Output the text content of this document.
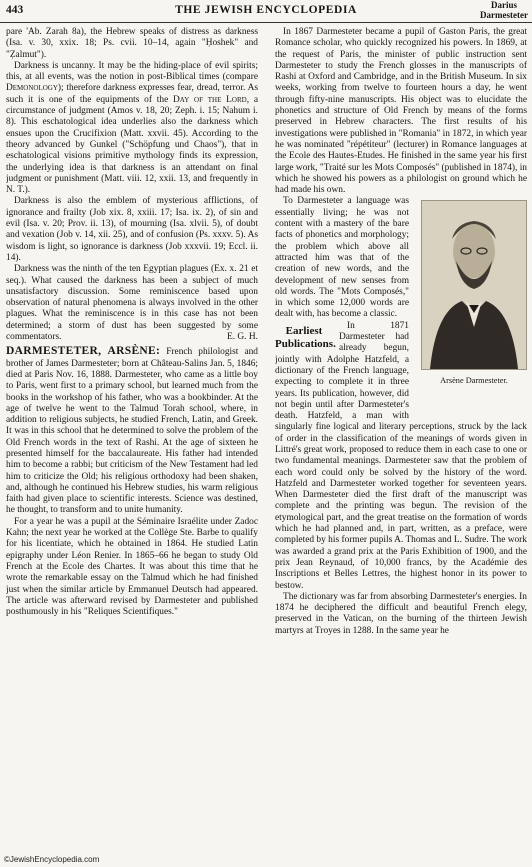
443	THE JEWISH ENCYCLOPEDIA	Darius
Darmesteter

pare 'Ab. Zarah 8a), the Hebrew speaks of distress as darkness (Isa. v. 30, xxix. 18; Ps. cvii. 10–14, again "Ḥoshek" and "Ẓalmut").

Darkness is uncanny. It may be the hiding-place of evil spirits; this, at all events, was the notion in post-Biblical times (compare Demonology); therefore darkness expresses fear, dread, terror. As such it is one of the equipments of the Day of the Lord, a circumstance of judgment (Amos v. 18, 20; Zeph. i. 15; Nahum i. 8). This eschatological idea underlies also the darkness which ensues upon the Crucifixion (Matt. xxvii. 45). According to the theory advanced by Gunkel ("Schöpfung und Chaos"), that in eschatological visions primitive mythology finds its expression, the underlying idea is that darkness is an attendant on final judgment or punishment (Matt. viii. 12, xxii. 13, and frequently in N. T.).

Darkness is also the emblem of mysterious afflictions, of ignorance and frailty (Job xix. 8, xxiii. 17; Isa. ix. 2), of sin and evil (Isa. v. 20; Prov. ii. 13), of mourning (Isa. xlvii. 5), of doubt and vexation (Job v. 14, xii. 25), and of confusion (Ps. xxxv. 5). As wisdom is light, so ignorance is darkness (Job xxxvii. 19; Eccl. ii. 14).

Darkness was the ninth of the ten Egyptian plagues (Ex. x. 21 et seq.). What caused the darkness has been a subject of much unsatisfactory discussion. Some reminiscence based upon observation of natural phenomena is always involved in the other plagues. What the reminiscence is in this case has not been determined; a storm of dust has been suggested by some commentators.	E. G. H.

DARMESTETER, ARSÈNE: French philologist and brother of James Darmesteter; born at Château-Salins Jan. 5, 1846; died at Paris Nov. 16, 1888. Darmesteter, who came as a little boy to Paris, went first to a primary school, but learned much from the books in the workshop of his father, who was a bookbinder. At the age of twelve he went to the Talmud Torah school, where, in addition to religious subjects, he studied French, Latin, and Greek. It was in this school that he determined to solve the problem of the Old French words in the text of Rashi. At the age of sixteen he presented himself for the baccalaureate. His father had intended him to become a rabbi; but criticism of the New Testament had led him to criticize the Old; his religious orthodoxy had been shaken, and, although he continued his Hebrew studies, his warm religious faith had given place to scientific interests. Science was destined, he thought, to transform and to unite humanity.

For a year he was a pupil at the Séminaire Israélite under Zadoc Kahn; the next year he worked at the Collège Ste. Barbe to qualify for his licentiate, which he obtained in 1864. He studied Latin epigraphy under Léon Renier. In 1865–66 he began to study Old French at the Ecole des Chartes. It was about this time that he wrote the remarkable essay on the Talmud which he had finished just when the similar article by Emmanuel Deutsch had appeared. The article was afterward revised by Darmesteter and published posthumously in his "Reliques Scientifiques."

In 1867 Darmesteter became a pupil of Gaston Paris, the great Romance scholar, who quickly recognized his powers. In 1869, at the request of Paris, the minister of public instruction sent Darmesteter to study the French glosses in the manuscripts of Rashi at Oxford and Cambridge, and in the British Museum. In six weeks, working from twelve to fourteen hours a day, he went through fifty-nine manuscripts. His object was to elucidate the phonetics and structure of Old French by means of the forms preserved in Hebrew characters. The first results of his investigations were published in "Romania" in 1872, in which year he was nominated "répétiteur" (lecturer) in Romance languages at the Ecole des Hautes-Etudes. He finished in the same year his first large work, "Traité sur les Mots Composés" (published in 1874), in which he showed his powers as a philologist on ground which he had made his own.

Arsène Darmesteter.

To Darmesteter a language was essentially living; he was not content with a mastery of the bare facts of phonetics and morphology; the problem which above all attracted him was that of the creation of new words, and the development of new senses from old words. The "Mots Composés," in which some 12,000 words are dealt with, has become a classic.

Earliest Publications.

In 1871 Darmesteter had already begun, jointly with Adolphe Hatzfeld, a dictionary of the French language, expecting to complete it in three years. Its publication, however, did not begin until after Darmesteter's death. Hatzfeld, a man with singularly fine logical and literary perceptions, struck by the lack of order in the classification of the meanings of words given in Littré's great work, proposed to reduce them in each case to one or two fundamental meanings. Darmesteter saw that the problem of each word could only be solved by the history of the word. Hatzfeld and Darmesteter worked together for seventeen years. When Darmesteter died the first draft of the manuscript was complete and the printing was begun. The revision of the etymological part, and the great treatise on the formation of words which he had planned and, in part, written, as a preface, were completed by his former pupils A. Thomas and L. Sudre. The work was awarded a grand prix at the Paris Exhibition of 1900, and the prix Jean Reynaud, of 10,000 francs, by the Académie des Inscriptions et Belles Lettres, the highest honor in its power to bestow.

The dictionary was far from absorbing Darmesteter's energies. In 1874 he deciphered the difficult and beautiful French elegy, preserved in the Vatican, on the burning of the thirteen Jewish martyrs at Troyes in 1288. In the same year he

©JewishEncyclopedia.com
